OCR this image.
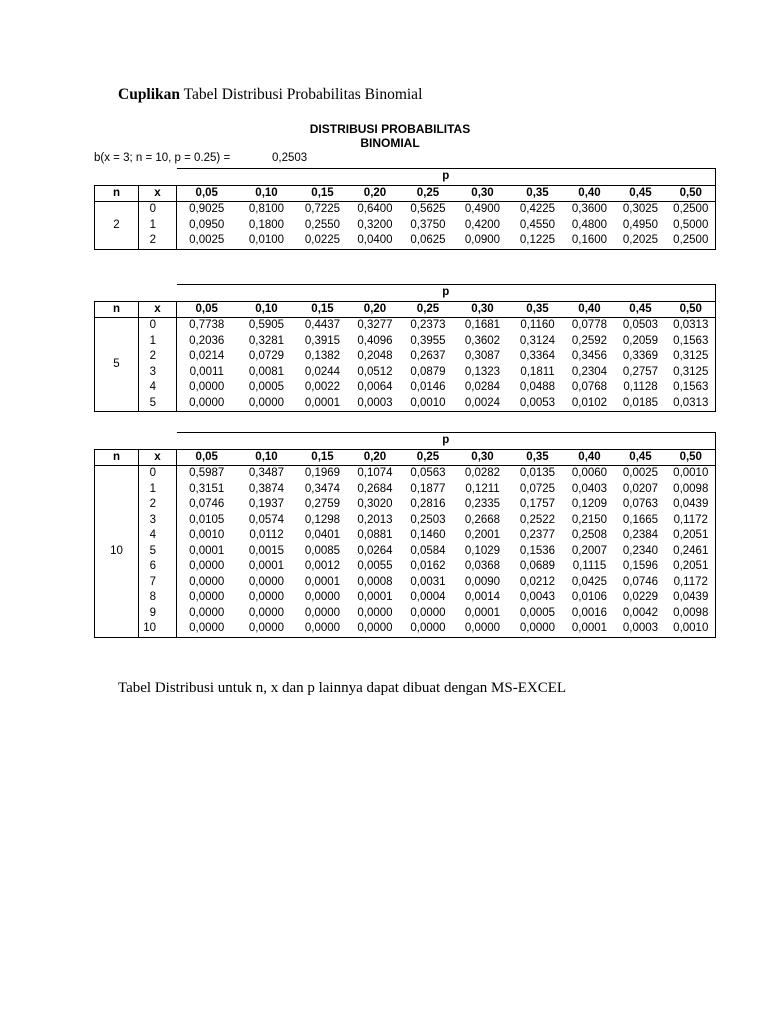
Cuplikan Tabel Distribusi Probabilitas Binomial
DISTRIBUSI PROBABILITAS
BINOMIAL
b(x = 3; n = 10, p = 0.25) =	0,2503
		p									
n	x	0,05	0,10	0,15	0,20	0,25	0,30	0,35	0,40	0,45	0,50
2	0	0,9025	0,8100	0,7225	0,6400	0,5625	0,4900	0,4225	0,3600	0,3025	0,2500
	1	0,0950	0,1800	0,2550	0,3200	0,3750	0,4200	0,4550	0,4800	0,4950	0,5000
	2	0,0025	0,0100	0,0225	0,0400	0,0625	0,0900	0,1225	0,1600	0,2025	0,2500
		p									
n	x	0,05	0,10	0,15	0,20	0,25	0,30	0,35	0,40	0,45	0,50
5	0	0,7738	0,5905	0,4437	0,3277	0,2373	0,1681	0,1160	0,0778	0,0503	0,0313
	1	0,2036	0,3281	0,3915	0,4096	0,3955	0,3602	0,3124	0,2592	0,2059	0,1563
	2	0,0214	0,0729	0,1382	0,2048	0,2637	0,3087	0,3364	0,3456	0,3369	0,3125
	3	0,0011	0,0081	0,0244	0,0512	0,0879	0,1323	0,1811	0,2304	0,2757	0,3125
	4	0,0000	0,0005	0,0022	0,0064	0,0146	0,0284	0,0488	0,0768	0,1128	0,1563
	5	0,0000	0,0000	0,0001	0,0003	0,0010	0,0024	0,0053	0,0102	0,0185	0,0313
		p									
n	x	0,05	0,10	0,15	0,20	0,25	0,30	0,35	0,40	0,45	0,50
10	0	0,5987	0,3487	0,1969	0,1074	0,0563	0,0282	0,0135	0,0060	0,0025	0,0010
	1	0,3151	0,3874	0,3474	0,2684	0,1877	0,1211	0,0725	0,0403	0,0207	0,0098
	2	0,0746	0,1937	0,2759	0,3020	0,2816	0,2335	0,1757	0,1209	0,0763	0,0439
	3	0,0105	0,0574	0,1298	0,2013	0,2503	0,2668	0,2522	0,2150	0,1665	0,1172
	4	0,0010	0,0112	0,0401	0,0881	0,1460	0,2001	0,2377	0,2508	0,2384	0,2051
	5	0,0001	0,0015	0,0085	0,0264	0,0584	0,1029	0,1536	0,2007	0,2340	0,2461
	6	0,0000	0,0001	0,0012	0,0055	0,0162	0,0368	0,0689	0,1115	0,1596	0,2051
	7	0,0000	0,0000	0,0001	0,0008	0,0031	0,0090	0,0212	0,0425	0,0746	0,1172
	8	0,0000	0,0000	0,0000	0,0001	0,0004	0,0014	0,0043	0,0106	0,0229	0,0439
	9	0,0000	0,0000	0,0000	0,0000	0,0000	0,0001	0,0005	0,0016	0,0042	0,0098
	10	0,0000	0,0000	0,0000	0,0000	0,0000	0,0000	0,0000	0,0001	0,0003	0,0010
Tabel Distribusi untuk n, x dan p lainnya dapat dibuat dengan MS-EXCEL
